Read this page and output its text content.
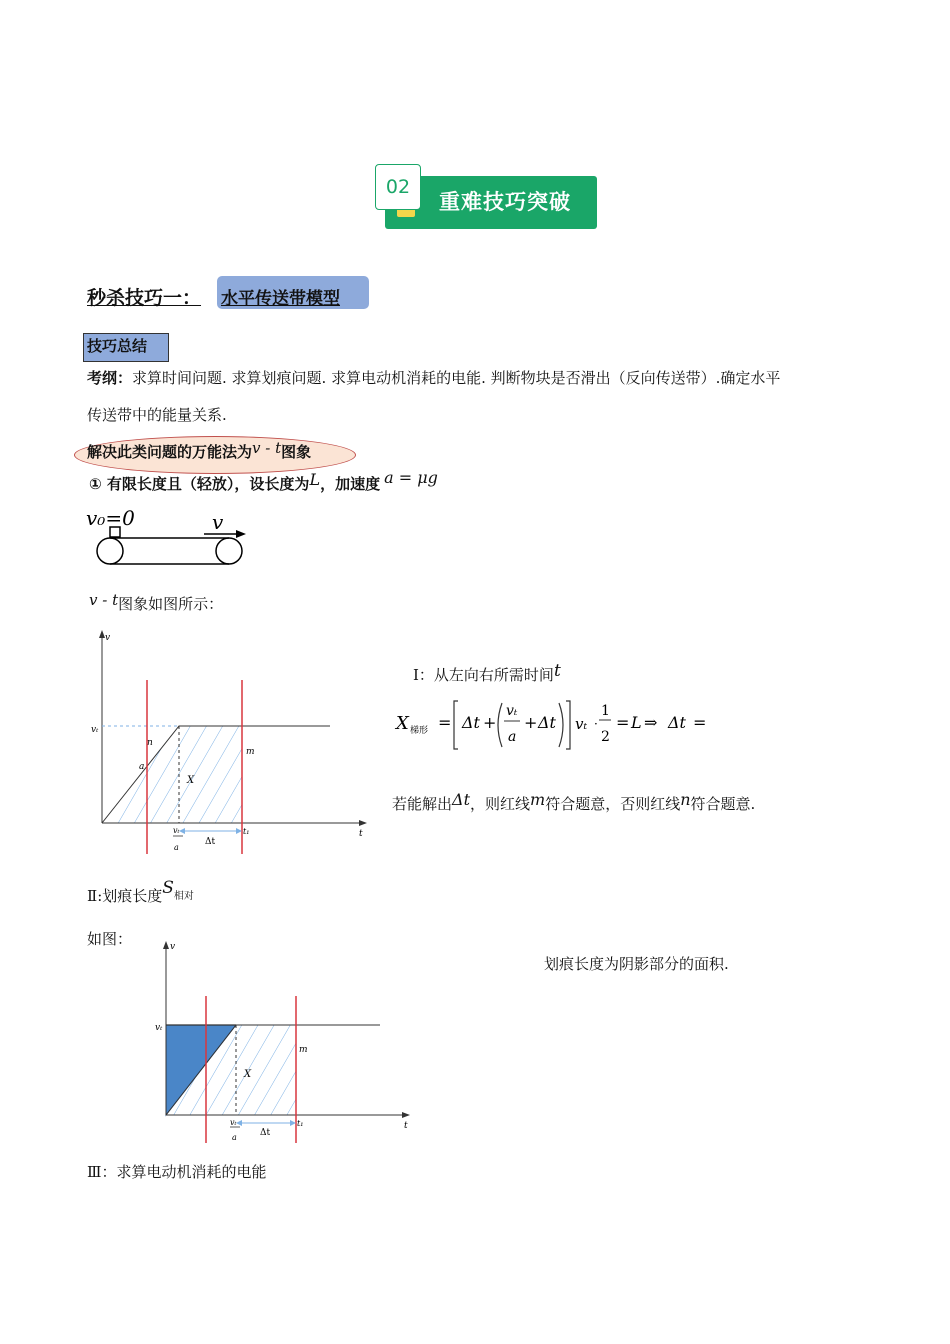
02
重难技巧突破
秒杀技巧一： 水平传送带模型
技巧总结
考纲：求算时间问题. 求算划痕问题. 求算电动机消耗的电能. 判断物块是否滑出（反向传送带）.确定水平
传送带中的能量关系.
解决此类问题的万能法为v - t图象
① 有限长度且（轻放），设长度为L，加速度 a = μg
v₀=0	v
v - t图象如图所示：
v
t
vₜ
n
m
a
X
vₜ
a
Δt
t₁
Ⅰ：从左向右所需时间t
X 梯形 = Δt +
vₜ
a
+ Δt vₜ ·
1
2
= L ⇒ Δt =
若能解出Δt，则红线m符合题意，否则红线n符合题意.
Ⅱ:划痕长度S相对
如图：
划痕长度为阴影部分的面积.
v
t
vₜ
m
X
vₜ
a	Δt
t₁
Ⅲ：求算电动机消耗的电能
